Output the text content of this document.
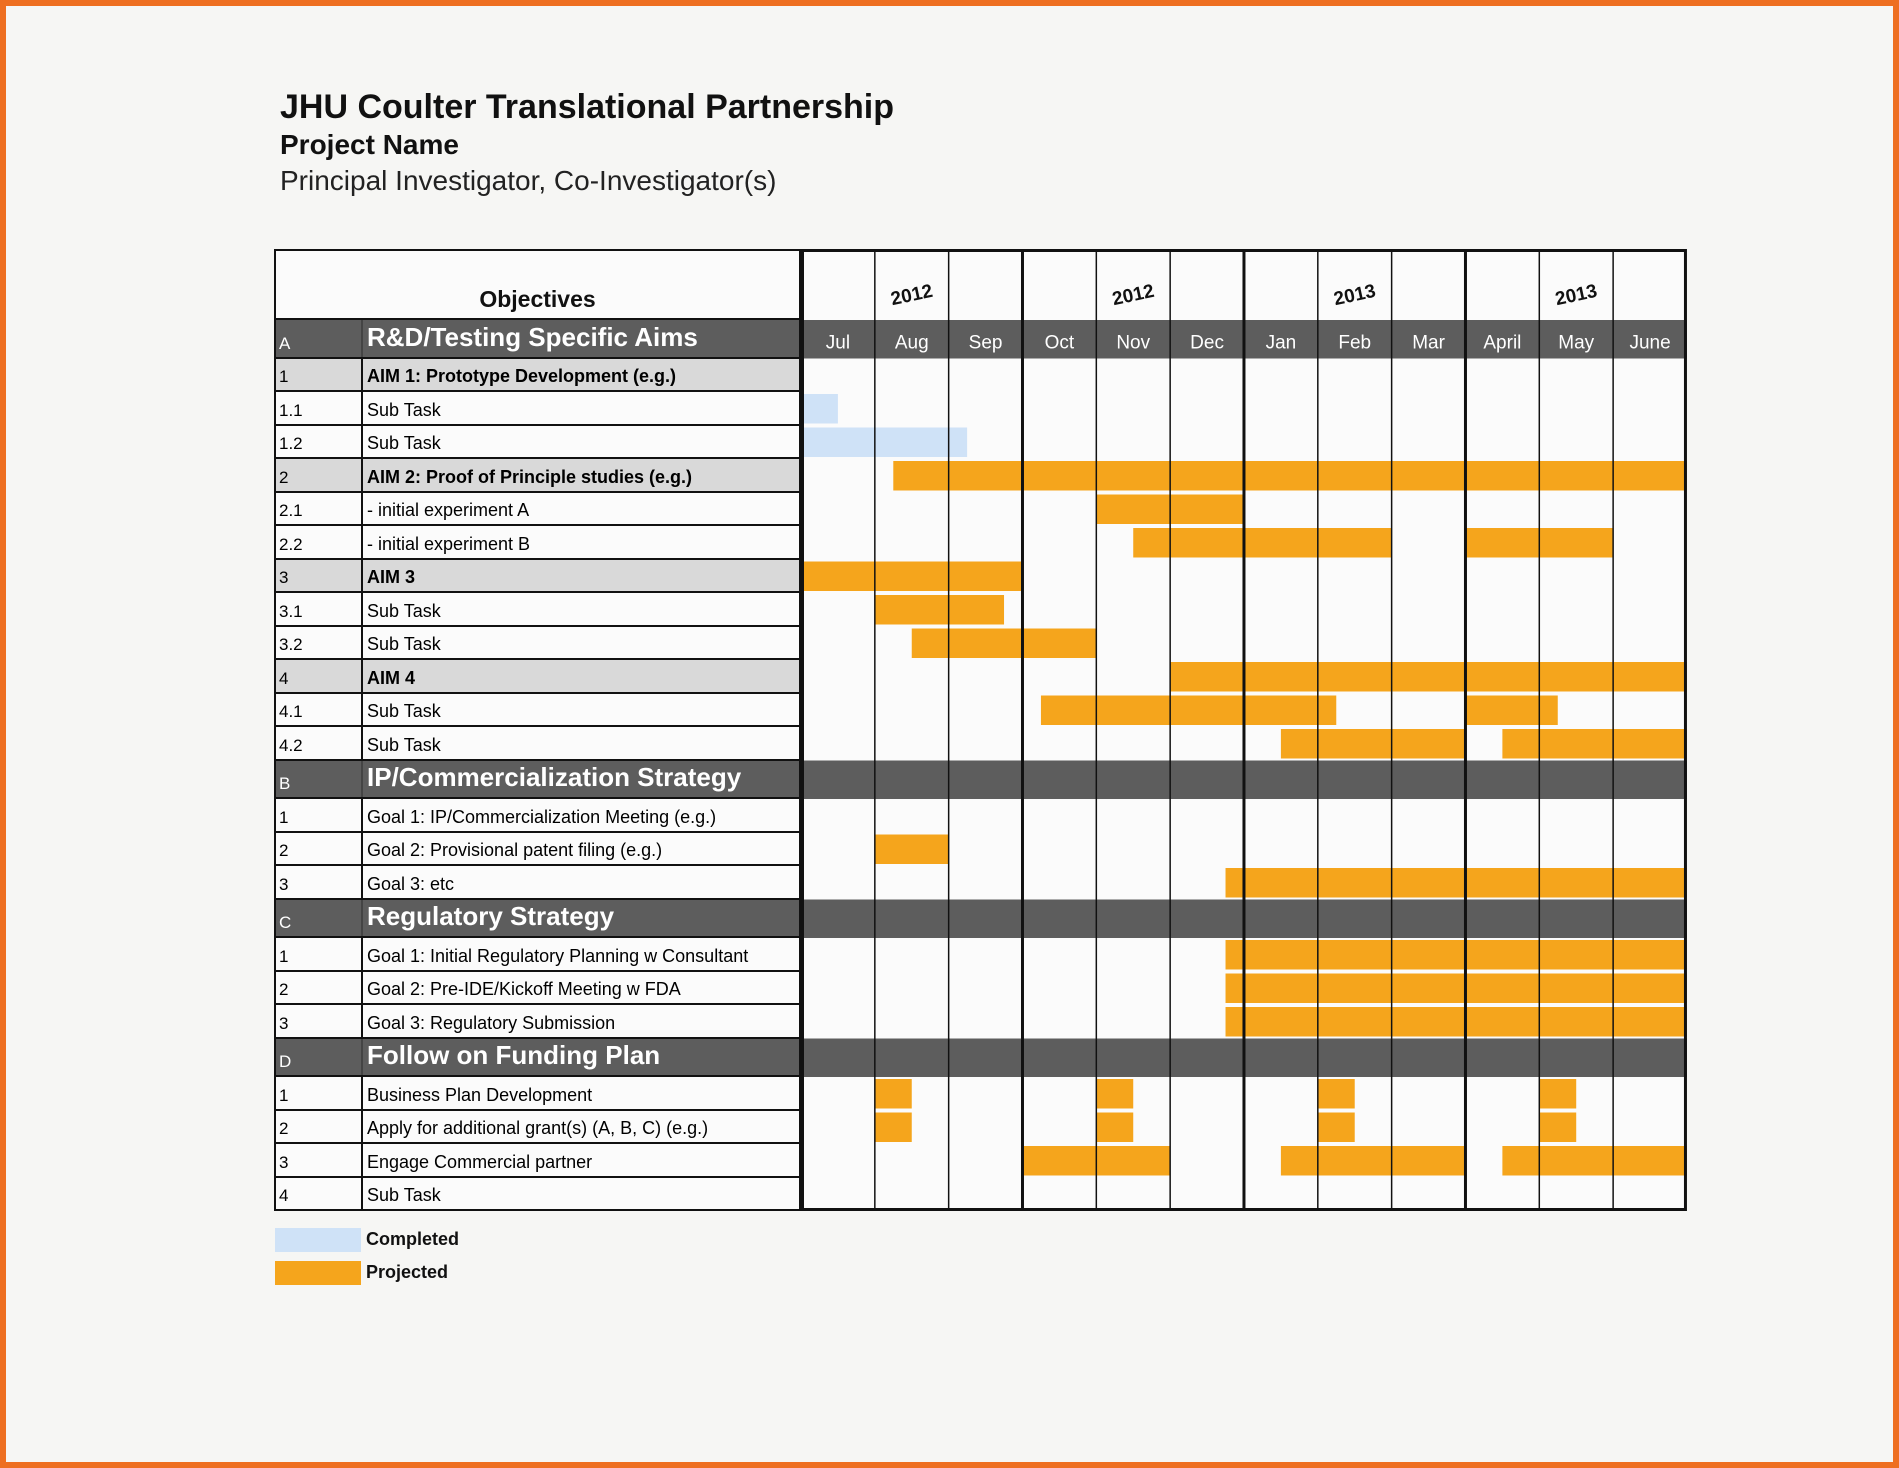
JHU Coulter Translational Partnership
Project Name
Principal Investigator, Co-Investigator(s)
Objectives
A	R&D/Testing Specific Aims
1	AIM 1: Prototype Development (e.g.)
1.1	Sub Task
1.2	Sub Task
2	AIM 2: Proof of Principle studies (e.g.)
2.1	- initial experiment A
2.2	- initial experiment B
3	AIM 3
3.1	Sub Task
3.2	Sub Task
4	AIM 4
4.1	Sub Task
4.2	Sub Task
B	IP/Commercialization Strategy
1	Goal 1: IP/Commercialization Meeting (e.g.)
2	Goal 2: Provisional patent filing (e.g.)
3	Goal 3: etc
C	Regulatory Strategy
1	Goal 1: Initial Regulatory Planning w Consultant
2	Goal 2: Pre-IDE/Kickoff Meeting w FDA
3	Goal 3: Regulatory Submission
D	Follow on Funding Plan
1	Business Plan Development
2	Apply for additional grant(s) (A, B, C) (e.g.)
3	Engage Commercial partner
4	Sub Task
2012	2012	2013	2013
Jul Aug Sep Oct Nov Dec Jan Feb Mar April May June
Completed
Projected
